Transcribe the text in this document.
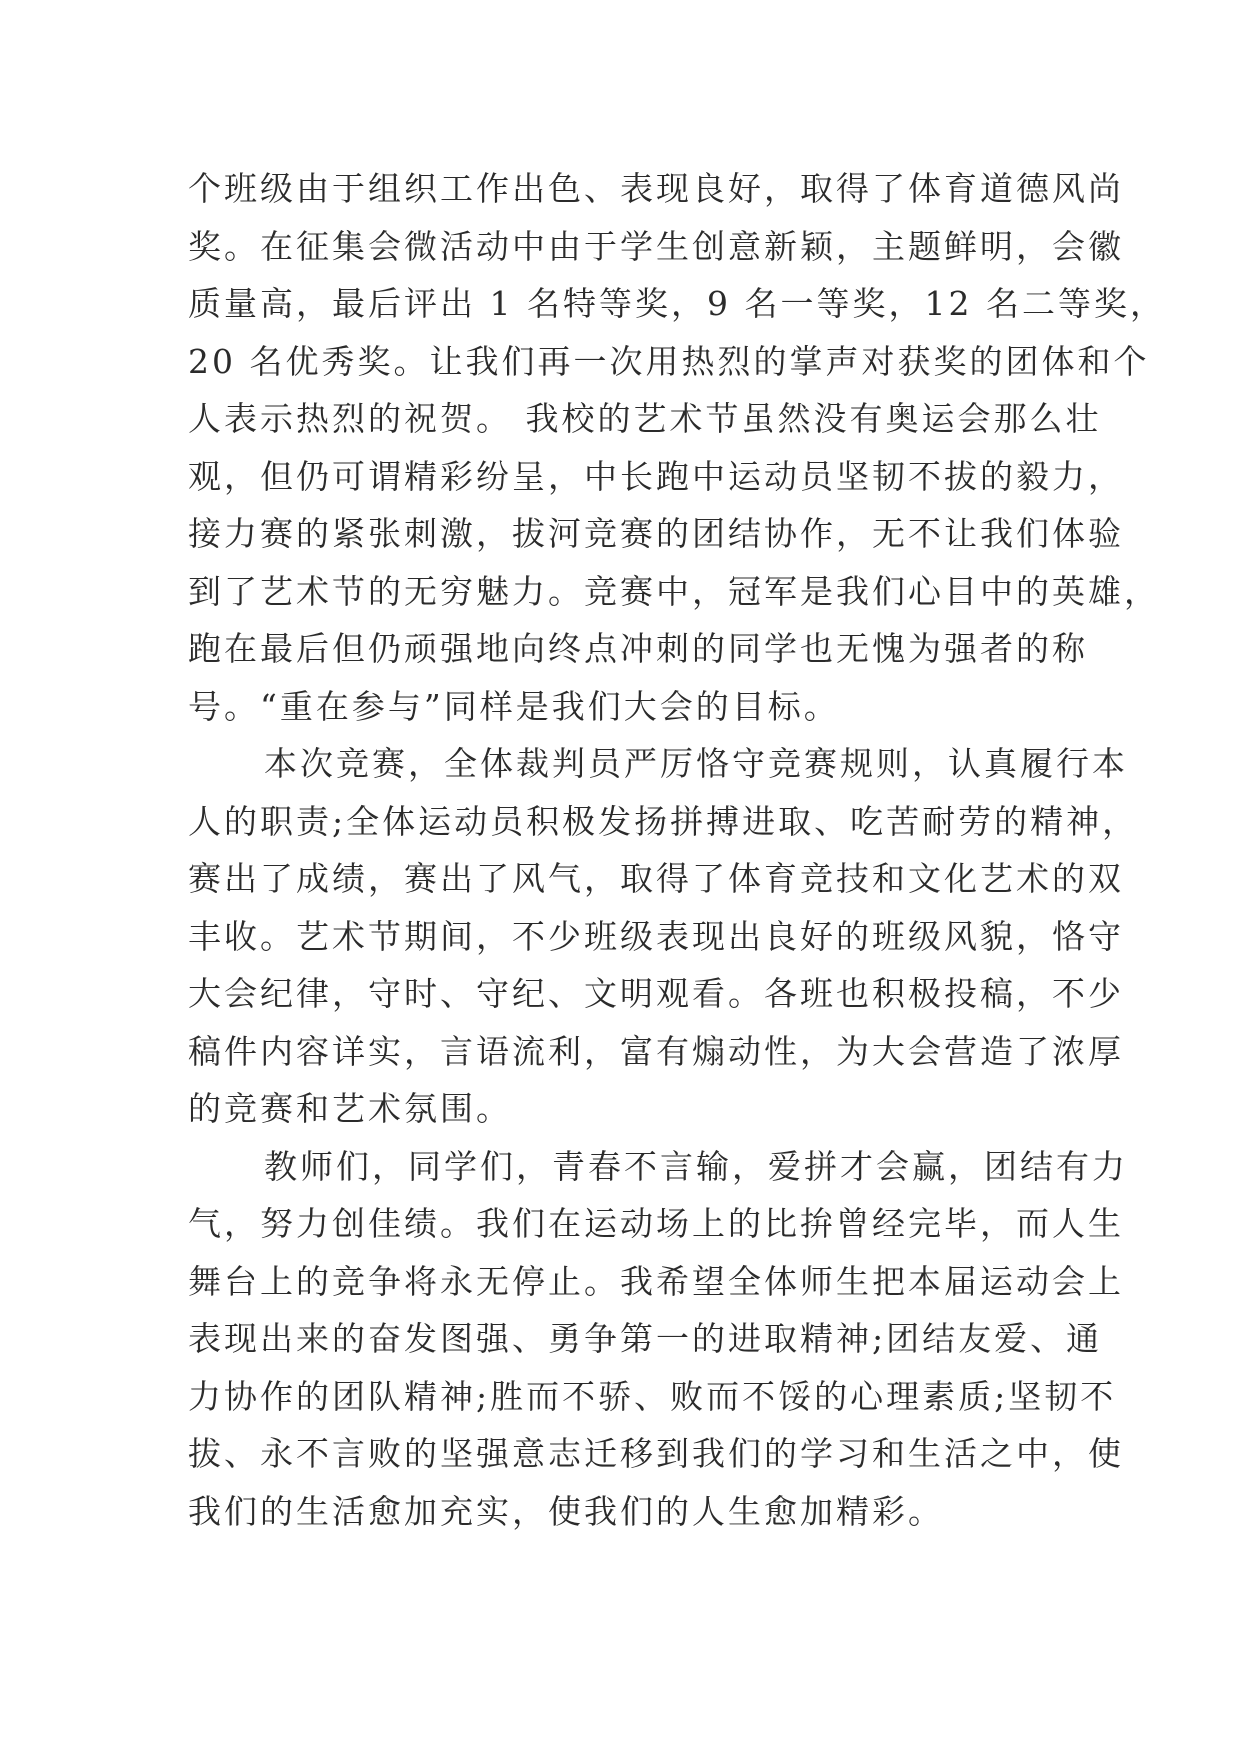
个班级由于组织工作出色、表现良好，取得了体育道德风尚
奖。在征集会微活动中由于学生创意新颖，主题鲜明，会徽
质量高，最后评出 1 名特等奖，9 名一等奖，12 名二等奖，
20 名优秀奖。让我们再一次用热烈的掌声对获奖的团体和个
人表示热烈的祝贺。 我校的艺术节虽然没有奥运会那么壮
观，但仍可谓精彩纷呈，中长跑中运动员坚韧不拔的毅力，
接力赛的紧张刺激，拔河竞赛的团结协作，无不让我们体验
到了艺术节的无穷魅力。竞赛中，冠军是我们心目中的英雄，
跑在最后但仍顽强地向终点冲刺的同学也无愧为强者的称
号。“重在参与”同样是我们大会的目标。
本次竞赛，全体裁判员严厉恪守竞赛规则，认真履行本
人的职责;全体运动员积极发扬拼搏进取、吃苦耐劳的精神，
赛出了成绩，赛出了风气，取得了体育竞技和文化艺术的双
丰收。艺术节期间，不少班级表现出良好的班级风貌，恪守
大会纪律，守时、守纪、文明观看。各班也积极投稿，不少
稿件内容详实，言语流利，富有煽动性，为大会营造了浓厚
的竞赛和艺术氛围。
教师们，同学们，青春不言输，爱拼才会赢，团结有力
气，努力创佳绩。我们在运动场上的比拚曾经完毕，而人生
舞台上的竞争将永无停止。我希望全体师生把本届运动会上
表现出来的奋发图强、勇争第一的进取精神;团结友爱、通
力协作的团队精神;胜而不骄、败而不馁的心理素质;坚韧不
拔、永不言败的坚强意志迁移到我们的学习和生活之中，使
我们的生活愈加充实，使我们的人生愈加精彩。
